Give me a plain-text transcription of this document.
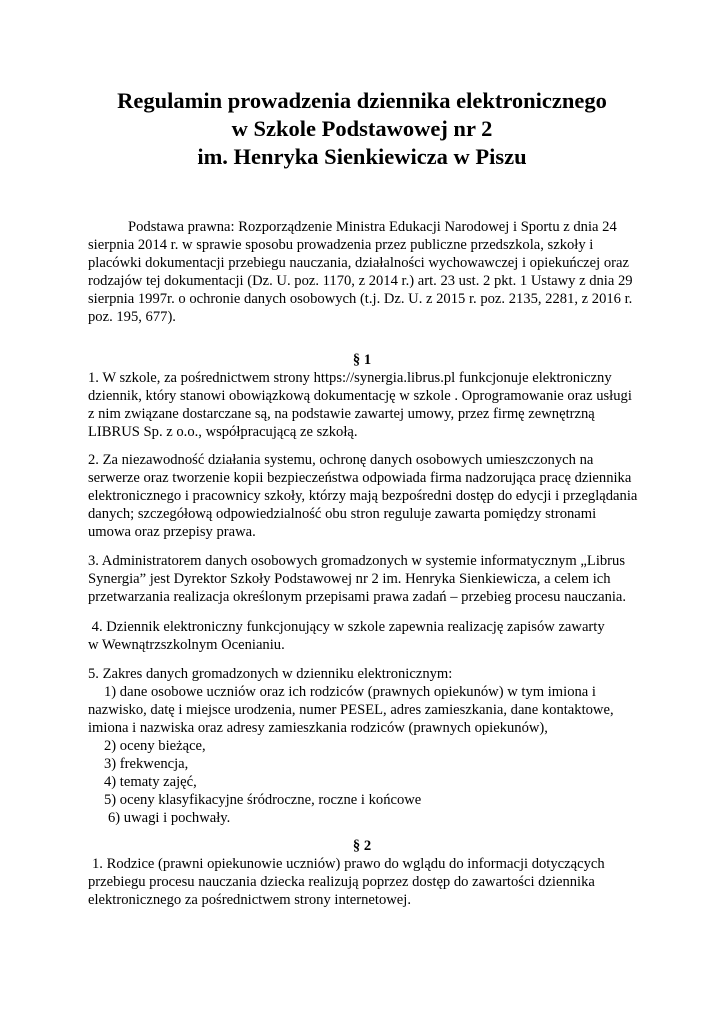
Regulamin prowadzenia dziennika elektronicznego
w Szkole Podstawowej nr 2
im. Henryka Sienkiewicza w Piszu
Podstawa prawna: Rozporządzenie Ministra Edukacji Narodowej i Sportu z dnia 24
sierpnia 2014 r. w sprawie sposobu prowadzenia przez publiczne przedszkola, szkoły i
placówki dokumentacji przebiegu nauczania, działalności wychowawczej i opiekuńczej oraz
rodzajów tej dokumentacji (Dz. U. poz. 1170, z 2014 r.) art. 23 ust. 2 pkt. 1 Ustawy z dnia 29
sierpnia 1997r. o ochronie danych osobowych (t.j. Dz. U. z 2015 r. poz. 2135, 2281, z 2016 r.
poz. 195, 677).
§ 1
1. W szkole, za pośrednictwem strony https://synergia.librus.pl funkcjonuje elektroniczny
dziennik, który stanowi obowiązkową dokumentację w szkole . Oprogramowanie oraz usługi
z nim związane dostarczane są, na podstawie zawartej umowy, przez firmę zewnętrzną
LIBRUS Sp. z o.o., współpracującą ze szkołą.
2. Za niezawodność działania systemu, ochronę danych osobowych umieszczonych na
serwerze oraz tworzenie kopii bezpieczeństwa odpowiada firma nadzorująca pracę dziennika
elektronicznego i pracownicy szkoły, którzy mają bezpośredni dostęp do edycji i przeglądania
danych; szczegółową odpowiedzialność obu stron reguluje zawarta pomiędzy stronami
umowa oraz przepisy prawa.
3. Administratorem danych osobowych gromadzonych w systemie informatycznym „Librus
Synergia” jest Dyrektor Szkoły Podstawowej nr 2 im. Henryka Sienkiewicza, a celem ich
przetwarzania realizacja określonym przepisami prawa zadań – przebieg procesu nauczania.
4. Dziennik elektroniczny funkcjonujący w szkole zapewnia realizację zapisów zawarty
w Wewnątrzszkolnym Ocenianiu.
5. Zakres danych gromadzonych w dzienniku elektronicznym:
1) dane osobowe uczniów oraz ich rodziców (prawnych opiekunów) w tym imiona i
nazwisko, datę i miejsce urodzenia, numer PESEL, adres zamieszkania, dane kontaktowe,
imiona i nazwiska oraz adresy zamieszkania rodziców (prawnych opiekunów),
2) oceny bieżące,
3) frekwencja,
4) tematy zajęć,
5) oceny klasyfikacyjne śródroczne, roczne i końcowe
6) uwagi i pochwały.
§ 2
1. Rodzice (prawni opiekunowie uczniów) prawo do wglądu do informacji dotyczących
przebiegu procesu nauczania dziecka realizują poprzez dostęp do zawartości dziennika
elektronicznego za pośrednictwem strony internetowej.
